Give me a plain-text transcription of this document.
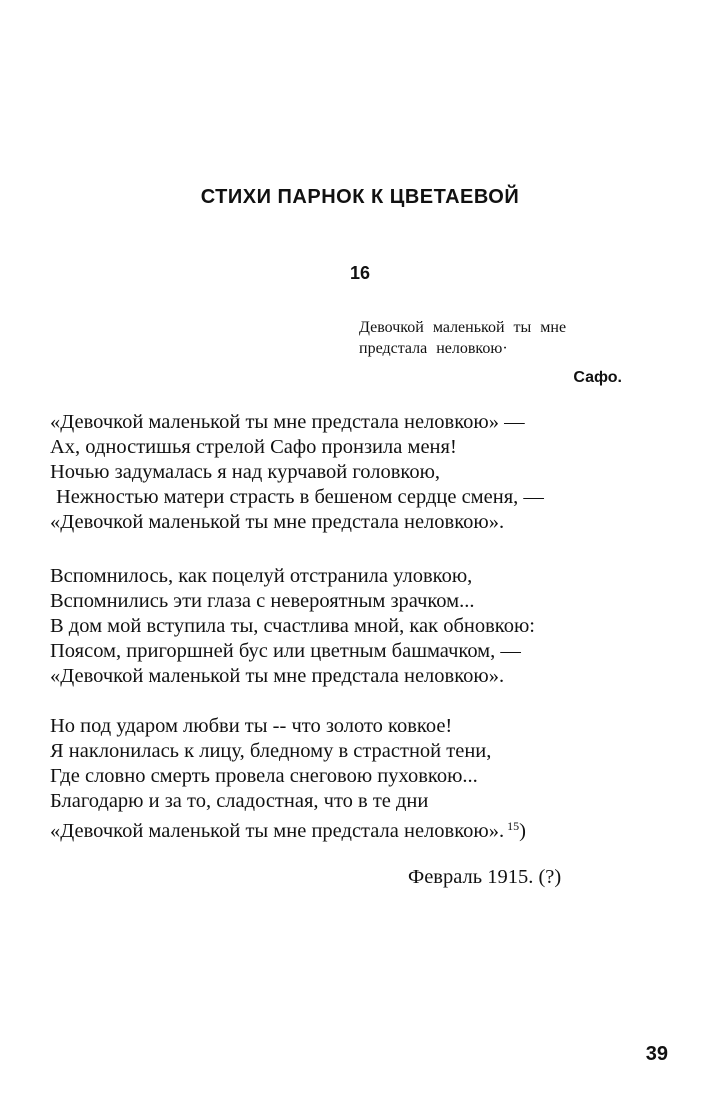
СТИХИ ПАРНОК К ЦВЕТАЕВОЙ
16

Девочкой маленькой ты мне
предстала неловкою·

Сафо.

«Девочкой маленькой ты мне предстала неловкою» —
Ах, одностишья стрелой Сафо пронзила меня!
Ночью задумалась я над курчавой головкою,
Нежностью матери страсть в бешеном сердце сменя, —
«Девочкой маленькой ты мне предстала неловкою».
Вспомнилось, как поцелуй отстранила уловкою,
Вспомнились эти глаза с невероятным зрачком...
В дом мой вступила ты, счастлива мной, как обновкою:
Поясом, пригоршней бус или цветным башмачком, —
«Девочкой маленькой ты мне предстала неловкою».
Но под ударом любви ты -- что золото ковкое!
Я наклонилась к лицу, бледному в страстной тени,
Где словно смерть провела снеговою пуховкою...
Благодарю и за то, сладостная, что в те дни
«Девочкой маленькой ты мне предстала неловкою». $^{15}$)

Февраль 1915. (?)

39
